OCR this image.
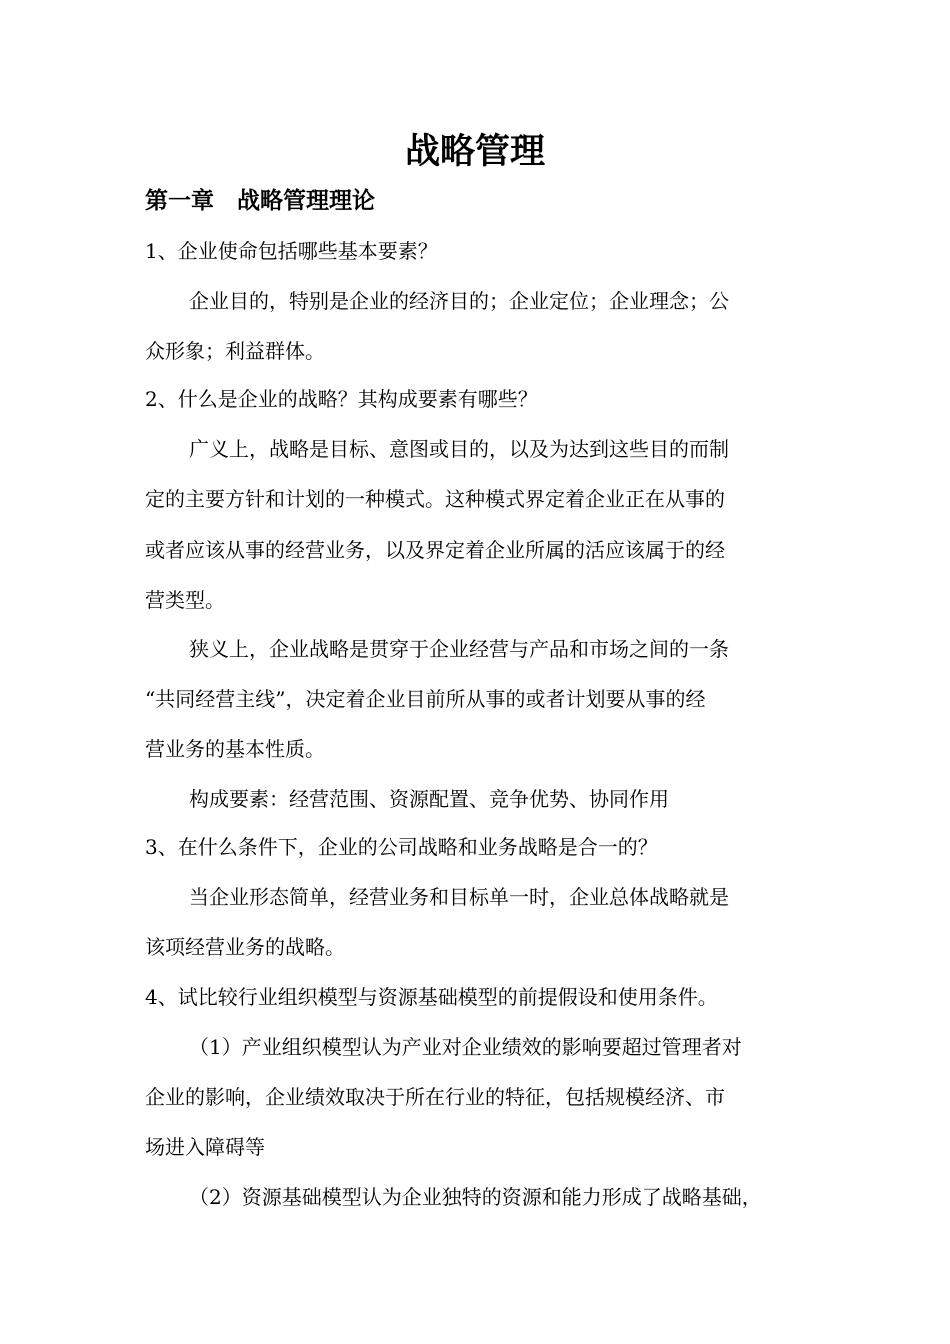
战略管理
第一章　战略管理理论

1、企业使命包括哪些基本要素？

企业目的，特别是企业的经济目的；企业定位；企业理念；公

众形象；利益群体。

2、什么是企业的战略？其构成要素有哪些？

广义上，战略是目标、意图或目的，以及为达到这些目的而制

定的主要方针和计划的一种模式。这种模式界定着企业正在从事的

或者应该从事的经营业务，以及界定着企业所属的活应该属于的经

营类型。

狭义上，企业战略是贯穿于企业经营与产品和市场之间的一条

“共同经营主线”，决定着企业目前所从事的或者计划要从事的经

营业务的基本性质。

构成要素：经营范围、资源配置、竞争优势、协同作用

3、在什么条件下，企业的公司战略和业务战略是合一的？

当企业形态简单，经营业务和目标单一时，企业总体战略就是

该项经营业务的战略。

4、试比较行业组织模型与资源基础模型的前提假设和使用条件。

（1）产业组织模型认为产业对企业绩效的影响要超过管理者对

企业的影响，企业绩效取决于所在行业的特征，包括规模经济、市

场进入障碍等

（2）资源基础模型认为企业独特的资源和能力形成了战略基础，
